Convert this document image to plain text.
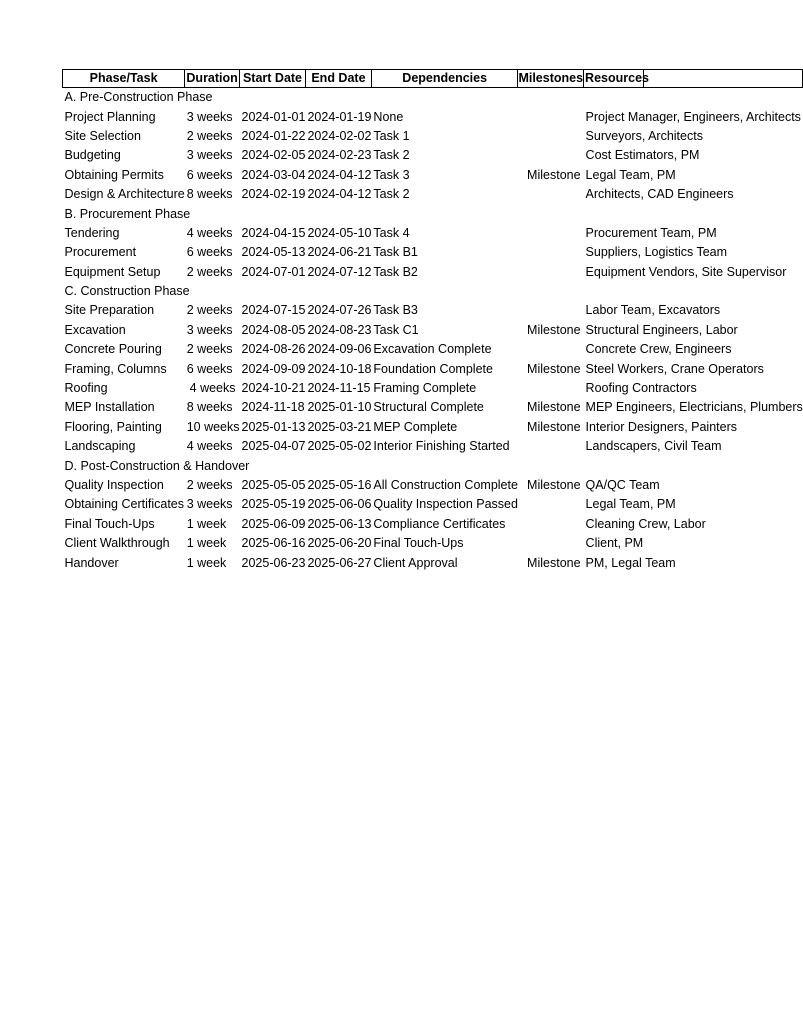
Phase/Task	Duration	Start Date	End Date	Dependencies	Milestones	Resources
A. Pre-Construction Phase						
Project Planning	3 weeks	2024-01-01	2024-01-19	None		Project Manager, Engineers, Architects
Site Selection	2 weeks	2024-01-22	2024-02-02	Task 1		Surveyors, Architects
Budgeting	3 weeks	2024-02-05	2024-02-23	Task 2		Cost Estimators, PM
Obtaining Permits	6 weeks	2024-03-04	2024-04-12	Task 3	Milestone	Legal Team, PM
Design & Architecture	8 weeks	2024-02-19	2024-04-12	Task 2		Architects, CAD Engineers
B. Procurement Phase						
Tendering	4 weeks	2024-04-15	2024-05-10	Task 4		Procurement Team, PM
Procurement	6 weeks	2024-05-13	2024-06-21	Task B1		Suppliers, Logistics Team
Equipment Setup	2 weeks	2024-07-01	2024-07-12	Task B2		Equipment Vendors, Site Supervisor
C. Construction Phase						
Site Preparation	2 weeks	2024-07-15	2024-07-26	Task B3		Labor Team, Excavators
Excavation	3 weeks	2024-08-05	2024-08-23	Task C1	Milestone	Structural Engineers, Labor
Concrete Pouring	2 weeks	2024-08-26	2024-09-06	Excavation Complete		Concrete Crew, Engineers
Framing, Columns	6 weeks	2024-09-09	2024-10-18	Foundation Complete	Milestone	Steel Workers, Crane Operators
Roofing	4 weeks	2024-10-21	2024-11-15	Framing Complete		Roofing Contractors
MEP Installation	8 weeks	2024-11-18	2025-01-10	Structural Complete	Milestone	MEP Engineers, Electricians, Plumbers
Flooring, Painting	10 weeks	2025-01-13	2025-03-21	MEP Complete	Milestone	Interior Designers, Painters
Landscaping	4 weeks	2025-04-07	2025-05-02	Interior Finishing Started		Landscapers, Civil Team
D. Post-Construction & Handover						
Quality Inspection	2 weeks	2025-05-05	2025-05-16	All Construction Complete	Milestone	QA/QC Team
Obtaining Certificates	3 weeks	2025-05-19	2025-06-06	Quality Inspection Passed		Legal Team, PM
Final Touch-Ups	1 week	2025-06-09	2025-06-13	Compliance Certificates		Cleaning Crew, Labor
Client Walkthrough	1 week	2025-06-16	2025-06-20	Final Touch-Ups		Client, PM
Handover	1 week	2025-06-23	2025-06-27	Client Approval	Milestone	PM, Legal Team
